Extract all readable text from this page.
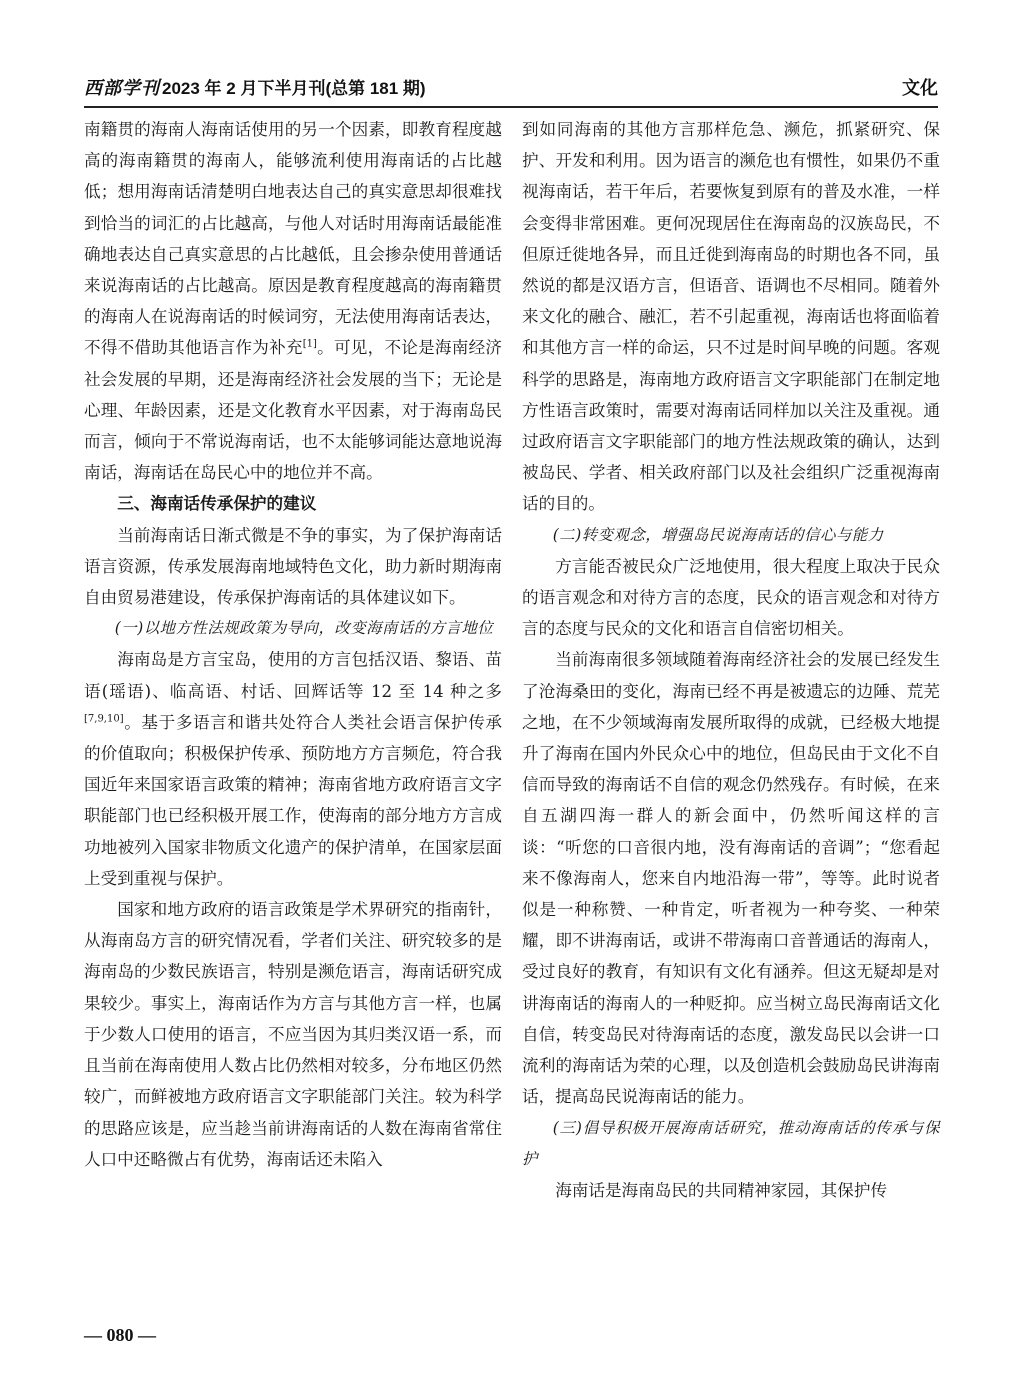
西部学刊 2023 年 2 月下半月刊(总第 181 期)	文化

南籍贯的海南人海南话使用的另一个因素，即教育程度越高的海南籍贯的海南人，能够流利使用海南话的占比越低；想用海南话清楚明白地表达自己的真实意思却很难找到恰当的词汇的占比越高，与他人对话时用海南话最能准确地表达自己真实意思的占比越低，且会掺杂使用普通话来说海南话的占比越高。原因是教育程度越高的海南籍贯的海南人在说海南话的时候词穷，无法使用海南话表达，不得不借助其他语言作为补充[1]。可见，不论是海南经济社会发展的早期，还是海南经济社会发展的当下；无论是心理、年龄因素，还是文化教育水平因素，对于海南岛民而言，倾向于不常说海南话，也不太能够词能达意地说海南话，海南话在岛民心中的地位并不高。

三、海南话传承保护的建议

当前海南话日渐式微是不争的事实，为了保护海南话语言资源，传承发展海南地域特色文化，助力新时期海南自由贸易港建设，传承保护海南话的具体建议如下。

(一)以地方性法规政策为导向，改变海南话的方言地位

海南岛是方言宝岛，使用的方言包括汉语、黎语、苗语(瑶语)、临高语、村话、回辉话等 12 至 14 种之多[7,9,10]。基于多语言和谐共处符合人类社会语言保护传承的价值取向；积极保护传承、预防地方方言频危，符合我国近年来国家语言政策的精神；海南省地方政府语言文字职能部门也已经积极开展工作，使海南的部分地方方言成功地被列入国家非物质文化遗产的保护清单，在国家层面上受到重视与保护。

国家和地方政府的语言政策是学术界研究的指南针，从海南岛方言的研究情况看，学者们关注、研究较多的是海南岛的少数民族语言，特别是濒危语言，海南话研究成果较少。事实上，海南话作为方言与其他方言一样，也属于少数人口使用的语言，不应当因为其归类汉语一系，而且当前在海南使用人数占比仍然相对较多，分布地区仍然较广，而鲜被地方政府语言文字职能部门关注。较为科学的思路应该是，应当趁当前讲海南话的人数在海南省常住人口中还略微占有优势，海南话还未陷入

到如同海南的其他方言那样危急、濒危，抓紧研究、保护、开发和利用。因为语言的濒危也有惯性，如果仍不重视海南话，若干年后，若要恢复到原有的普及水准，一样会变得非常困难。更何况现居住在海南岛的汉族岛民，不但原迁徙地各异，而且迁徙到海南岛的时期也各不同，虽然说的都是汉语方言，但语音、语调也不尽相同。随着外来文化的融合、融汇，若不引起重视，海南话也将面临着和其他方言一样的命运，只不过是时间早晚的问题。客观科学的思路是，海南地方政府语言文字职能部门在制定地方性语言政策时，需要对海南话同样加以关注及重视。通过政府语言文字职能部门的地方性法规政策的确认，达到被岛民、学者、相关政府部门以及社会组织广泛重视海南话的目的。

(二)转变观念，增强岛民说海南话的信心与能力

方言能否被民众广泛地使用，很大程度上取决于民众的语言观念和对待方言的态度，民众的语言观念和对待方言的态度与民众的文化和语言自信密切相关。

当前海南很多领域随着海南经济社会的发展已经发生了沧海桑田的变化，海南已经不再是被遗忘的边陲、荒芜之地，在不少领域海南发展所取得的成就，已经极大地提升了海南在国内外民众心中的地位，但岛民由于文化不自信而导致的海南话不自信的观念仍然残存。有时候，在来自五湖四海一群人的新会面中，仍然听闻这样的言谈：“听您的口音很内地，没有海南话的音调”；“您看起来不像海南人，您来自内地沿海一带”，等等。此时说者似是一种称赞、一种肯定，听者视为一种夸奖、一种荣耀，即不讲海南话，或讲不带海南口音普通话的海南人，受过良好的教育，有知识有文化有涵养。但这无疑却是对讲海南话的海南人的一种贬抑。应当树立岛民海南话文化自信，转变岛民对待海南话的态度，激发岛民以会讲一口流利的海南话为荣的心理，以及创造机会鼓励岛民讲海南话，提高岛民说海南话的能力。

(三)倡导积极开展海南话研究，推动海南话的传承与保护

海南话是海南岛民的共同精神家园，其保护传

— 080 —
